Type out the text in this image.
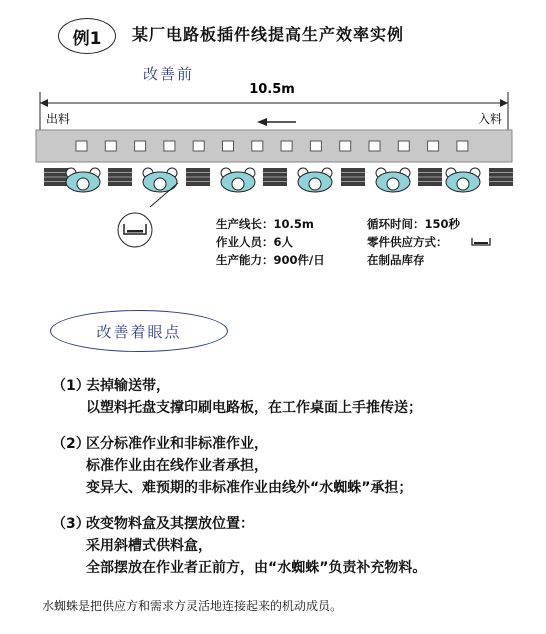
例1	某厂电路板插件线提高生产效率实例
改善前
10.5m
出料	入料
生产线长：10.5m
作业人员：6人
生产能力：900件/日
循环时间：150秒
零件供应方式：
在制品库存
改善着眼点
（1）去掉输送带，
以塑料托盘支撑印刷电路板，在工作桌面上手推传送；
（2）区分标准作业和非标准作业，
标准作业由在线作业者承担，
变异大、难预期的非标准作业由线外“水蜘蛛”承担；
（3）改变物料盒及其摆放位置：
采用斜槽式供料盒，
全部摆放在作业者正前方，由“水蜘蛛”负责补充物料。
水蜘蛛是把供应方和需求方灵活地连接起来的机动成员。
